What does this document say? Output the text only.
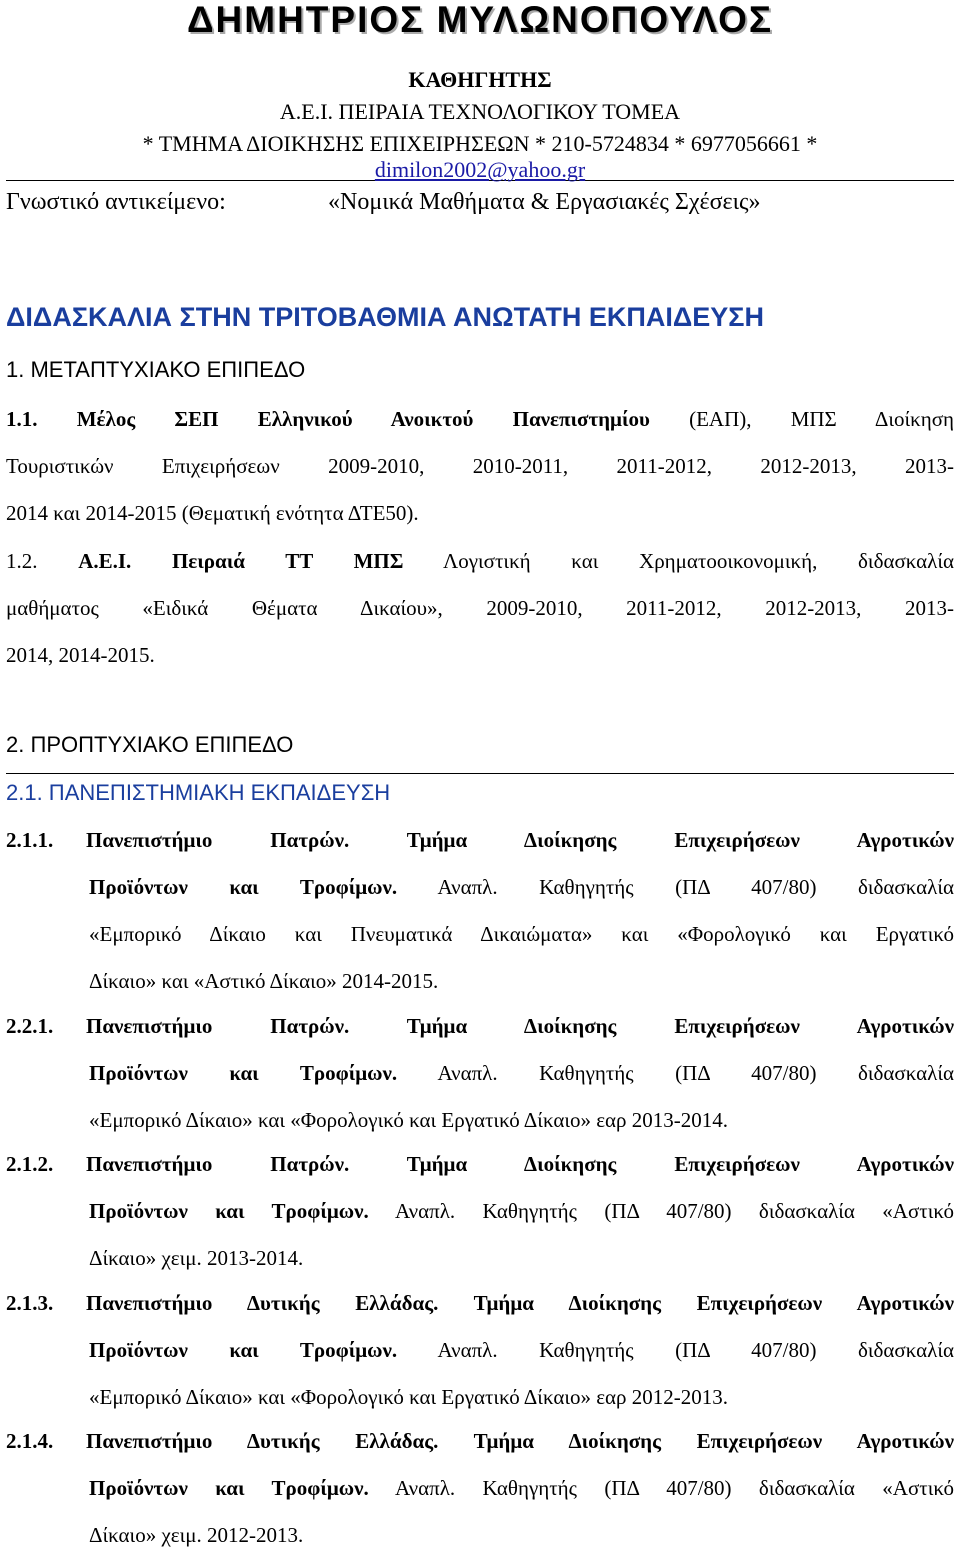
ΔΗΜΗΤΡΙΟΣ ΜΥΛΩΝΟΠΟΥΛΟΣ
ΚΑΘΗΓΗΤΗΣ
Α.Ε.Ι. ΠΕΙΡΑΙΑ ΤΕΧΝΟΛΟΓΙΚΟΥ ΤΟΜΕΑ
* ΤΜΗΜΑ ΔΙΟΙΚΗΣΗΣ ΕΠΙΧΕΙΡΗΣΕΩΝ * 210-5724834 * 6977056661 *
dimilon2002@yahoo.gr
Γνωστικό αντικείμενο:	«Νομικά Μαθήματα & Εργασιακές Σχέσεις»
ΔΙΔΑΣΚΑΛΙΑ ΣΤΗΝ ΤΡΙΤΟΒΑΘΜΙΑ ΑΝΩΤΑΤΗ ΕΚΠΑΙΔΕΥΣΗ
1. ΜΕΤΑΠΤΥΧΙΑΚΟ ΕΠΙΠΕΔΟ
1.1. Μέλος ΣΕΠ Ελληνικού Ανοικτού Πανεπιστημίου (ΕΑΠ), ΜΠΣ Διοίκηση
Τουριστικών Επιχειρήσεων 2009-2010, 2010-2011, 2011-2012, 2012-2013, 2013-
2014 και 2014-2015 (Θεματική ενότητα ΔΤΕ50).
1.2. Α.Ε.Ι. Πειραιά ΤΤ ΜΠΣ Λογιστική και Χρηματοοικονομική, διδασκαλία
μαθήματος «Ειδικά Θέματα Δικαίου», 2009-2010, 2011-2012, 2012-2013, 2013-
2014, 2014-2015.
2. ΠΡΟΠΤΥΧΙΑΚΟ ΕΠΙΠΕΔΟ
2.1. ΠΑΝΕΠΙΣΤΗΜΙΑΚΗ ΕΚΠΑΙΔΕΥΣΗ
2.1.1. Πανεπιστήμιο Πατρών. Τμήμα Διοίκησης Επιχειρήσεων Αγροτικών
Προϊόντων και Τροφίμων. Αναπλ. Καθηγητής (ΠΔ 407/80) διδασκαλία
«Εμπορικό Δίκαιο και Πνευματικά Δικαιώματα» και «Φορολογικό και Εργατικό
Δίκαιο» και «Αστικό Δίκαιο» 2014-2015.
2.2.1. Πανεπιστήμιο Πατρών. Τμήμα Διοίκησης Επιχειρήσεων Αγροτικών
Προϊόντων και Τροφίμων. Αναπλ. Καθηγητής (ΠΔ 407/80) διδασκαλία
«Εμπορικό Δίκαιο» και «Φορολογικό και Εργατικό Δίκαιο» εαρ 2013-2014.
2.1.2. Πανεπιστήμιο Πατρών. Τμήμα Διοίκησης Επιχειρήσεων Αγροτικών
Προϊόντων και Τροφίμων. Αναπλ. Καθηγητής (ΠΔ 407/80) διδασκαλία «Αστικό
Δίκαιο» χειμ. 2013-2014.
2.1.3. Πανεπιστήμιο Δυτικής Ελλάδας. Τμήμα Διοίκησης Επιχειρήσεων Αγροτικών
Προϊόντων και Τροφίμων. Αναπλ. Καθηγητής (ΠΔ 407/80) διδασκαλία
«Εμπορικό Δίκαιο» και «Φορολογικό και Εργατικό Δίκαιο» εαρ 2012-2013.
2.1.4. Πανεπιστήμιο Δυτικής Ελλάδας. Τμήμα Διοίκησης Επιχειρήσεων Αγροτικών
Προϊόντων και Τροφίμων. Αναπλ. Καθηγητής (ΠΔ 407/80) διδασκαλία «Αστικό
Δίκαιο» χειμ. 2012-2013.
